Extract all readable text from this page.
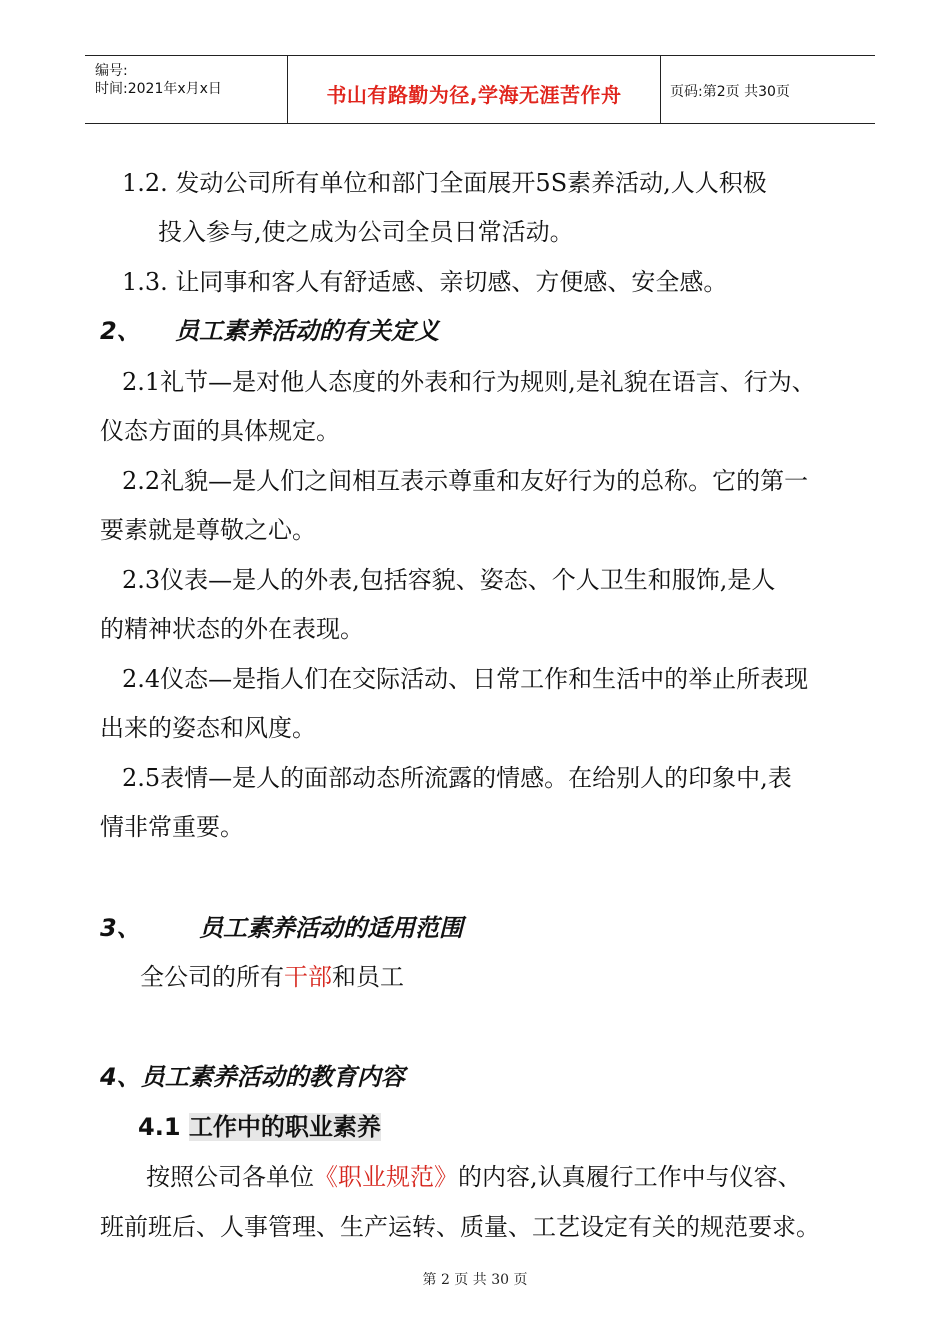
编号:
时间:2021年x月x日	书山有路勤为径,学海无涯苦作舟	页码:第2页 共30页
1.2. 发动公司所有单位和部门全面展开5S素养活动,人人积极
投入参与,使之成为公司全员日常活动。
1.3. 让同事和客人有舒适感、亲切感、方便感、安全感。
2、 员工素养活动的有关定义
2.1礼节—是对他人态度的外表和行为规则,是礼貌在语言、行为、
仪态方面的具体规定。
2.2礼貌—是人们之间相互表示尊重和友好行为的总称。它的第一
要素就是尊敬之心。
2.3仪表—是人的外表,包括容貌、姿态、个人卫生和服饰,是人
的精神状态的外在表现。
2.4仪态—是指人们在交际活动、日常工作和生活中的举止所表现
出来的姿态和风度。
2.5表情—是人的面部动态所流露的情感。在给别人的印象中,表
情非常重要。
3、 员工素养活动的适用范围
全公司的所有干部和员工
4、员工素养活动的教育内容
4.1 工作中的职业素养
按照公司各单位《职业规范》的内容,认真履行工作中与仪容、
班前班后、人事管理、生产运转、质量、工艺设定有关的规范要求。
第 2 页 共 30 页
